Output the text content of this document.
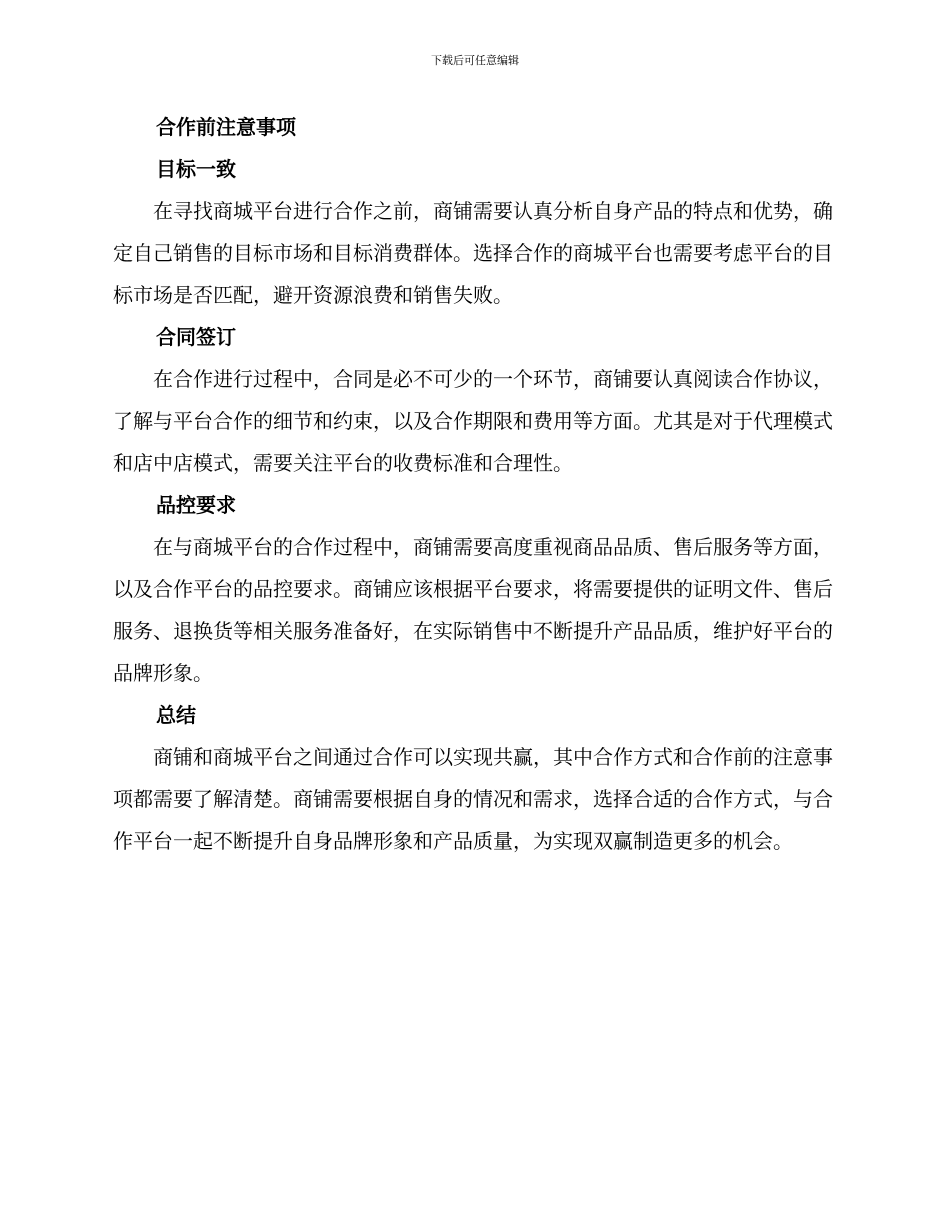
下载后可任意编辑
合作前注意事项
目标一致

在寻找商城平台进行合作之前，商铺需要认真分析自身产品的特点和优势，确定自己销售的目标市场和目标消费群体。选择合作的商城平台也需要考虑平台的目标市场是否匹配，避开资源浪费和销售失败。

合同签订

在合作进行过程中，合同是必不可少的一个环节，商铺要认真阅读合作协议，了解与平台合作的细节和约束，以及合作期限和费用等方面。尤其是对于代理模式和店中店模式，需要关注平台的收费标准和合理性。

品控要求

在与商城平台的合作过程中，商铺需要高度重视商品品质、售后服务等方面，以及合作平台的品控要求。商铺应该根据平台要求，将需要提供的证明文件、售后服务、退换货等相关服务准备好，在实际销售中不断提升产品品质，维护好平台的品牌形象。

总结

商铺和商城平台之间通过合作可以实现共赢，其中合作方式和合作前的注意事项都需要了解清楚。商铺需要根据自身的情况和需求，选择合适的合作方式，与合作平台一起不断提升自身品牌形象和产品质量，为实现双赢制造更多的机会。
